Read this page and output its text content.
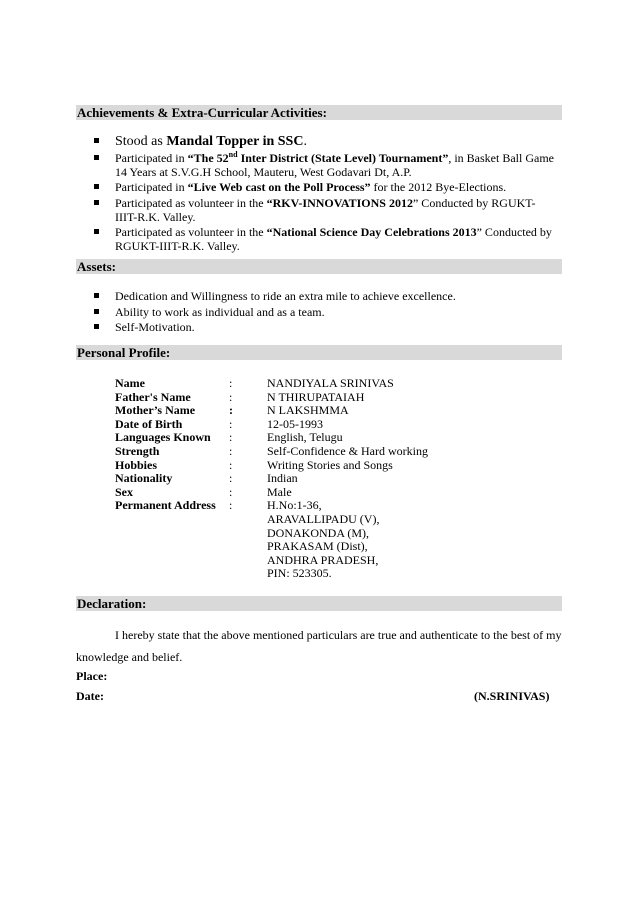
Achievements & Extra-Curricular Activities:
Stood as Mandal Topper in SSC.
Participated in “The 52nd Inter District (State Level) Tournament”, in Basket Ball Game 14 Years at S.V.G.H School, Mauteru, West Godavari Dt, A.P.
Participated in “Live Web cast on the Poll Process” for the 2012 Bye-Elections.
Participated as volunteer in the “RKV-INNOVATIONS 2012” Conducted by RGUKT-IIIT-R.K. Valley.
Participated as volunteer in the “National Science Day Celebrations 2013” Conducted by RGUKT-IIIT-R.K. Valley.
Assets:
Dedication and Willingness to ride an extra mile to achieve excellence.
Ability to work as individual and as a team.
Self-Motivation.
Personal Profile:
Name	:	NANDIYALA SRINIVAS
Father's Name	:	N THIRUPATAIAH
Mother’s Name	:	N LAKSHMMA
Date of Birth	:	12-05-1993
Languages Known	:	English, Telugu
Strength	:	Self-Confidence & Hard working
Hobbies	:	Writing Stories and Songs
Nationality	:	Indian
Sex	:	Male
Permanent Address	:	H.No:1-36,
		ARAVALLIPADU (V),
		DONAKONDA (M),
		PRAKASAM (Dist),
		ANDHRA PRADESH,
		PIN: 523305.
Declaration:
I hereby state that the above mentioned particulars are true and authenticate to the best of my
knowledge and belief.
Place:
Date:	(N.SRINIVAS)
